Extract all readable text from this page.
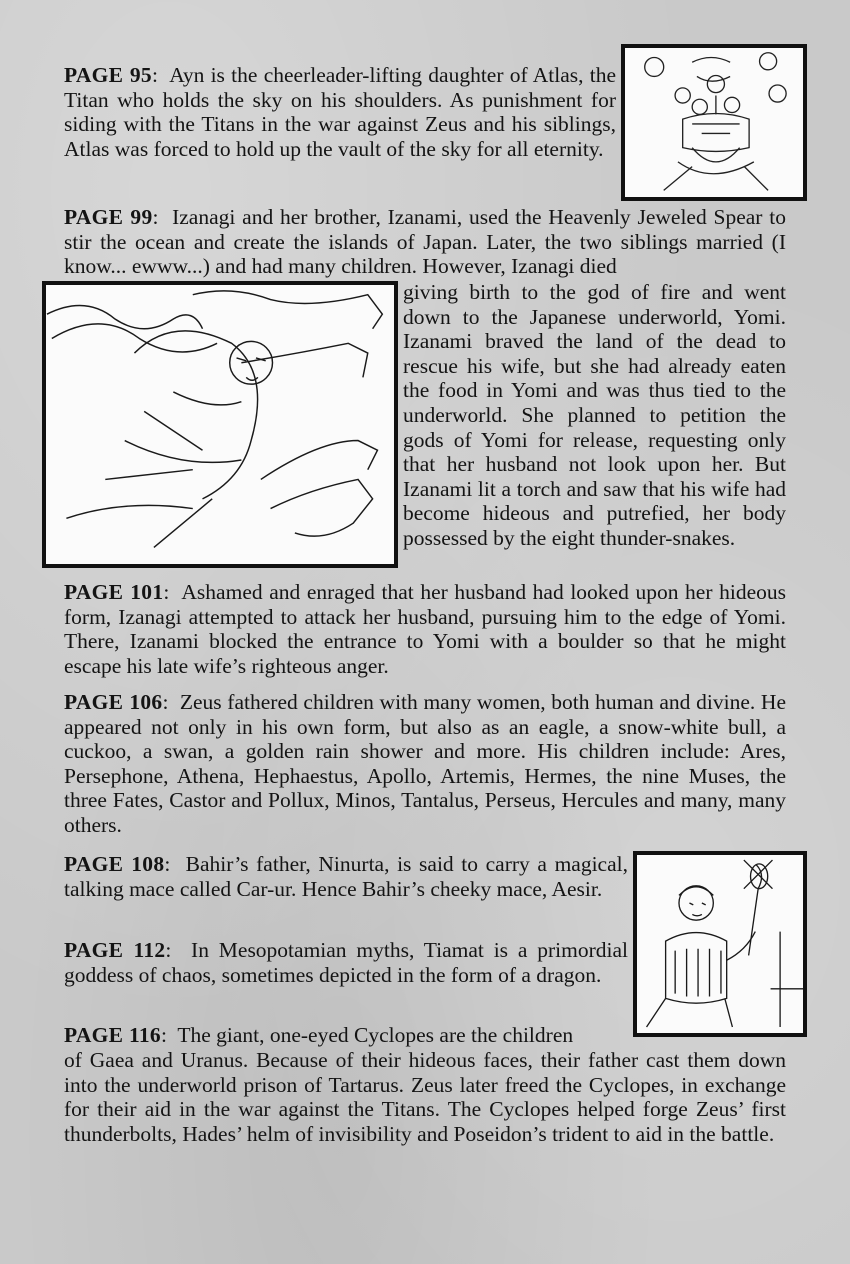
PAGE 95:  Ayn is the cheerleader-lifting daughter of Atlas, the Titan who holds the sky on his shoulders. As punishment for siding with the Titans in the war against Zeus and his siblings, Atlas was forced to hold up the vault of the sky for all eternity.

PAGE 99:  Izanagi and her brother, Izanami, used the Heavenly Jeweled Spear to stir the ocean and create the islands of Japan. Later, the two siblings married (I know... ewww...) and had many children. However, Izanagi died

giving birth to the god of fire and went down to the Japanese underworld, Yomi. Izanami braved the land of the dead to rescue his wife, but she had already eaten the food in Yomi and was thus tied to the underworld. She planned to petition the gods of Yomi for release, requesting only that her husband not look upon her. But Izanami lit a torch and saw that his wife had become hideous and putrefied, her body possessed by the eight thunder-snakes.

PAGE 101:  Ashamed and enraged that her husband had looked upon her hideous form, Izanagi attempted to attack her husband, pursuing him to the edge of Yomi. There, Izanami blocked the entrance to Yomi with a boulder so that he might escape his late wife’s righteous anger.

PAGE 106:  Zeus fathered children with many women, both human and divine. He appeared not only in his own form, but also as an eagle, a snow-white bull, a cuckoo, a swan, a golden rain shower and more. His children include: Ares, Persephone, Athena, Hephaestus, Apollo, Artemis, Hermes, the nine Muses, the three Fates, Castor and Pollux, Minos, Tantalus, Perseus, Hercules and many, many others.

PAGE 108:  Bahir’s father, Ninurta, is said to carry a magical, talking mace called Car-ur. Hence Bahir’s cheeky mace, Aesir.

PAGE 112:  In Mesopotamian myths, Tiamat is a primordial goddess of chaos, sometimes depicted in the form of a dragon.

PAGE 116:  The giant, one-eyed Cyclopes are the children

of Gaea and Uranus. Because of their hideous faces, their father cast them down into the underworld prison of Tartarus. Zeus later freed the Cyclopes, in exchange for their aid in the war against the Titans. The Cyclopes helped forge Zeus’ first thunderbolts, Hades’ helm of invisibility and Poseidon’s trident to aid in the battle.
